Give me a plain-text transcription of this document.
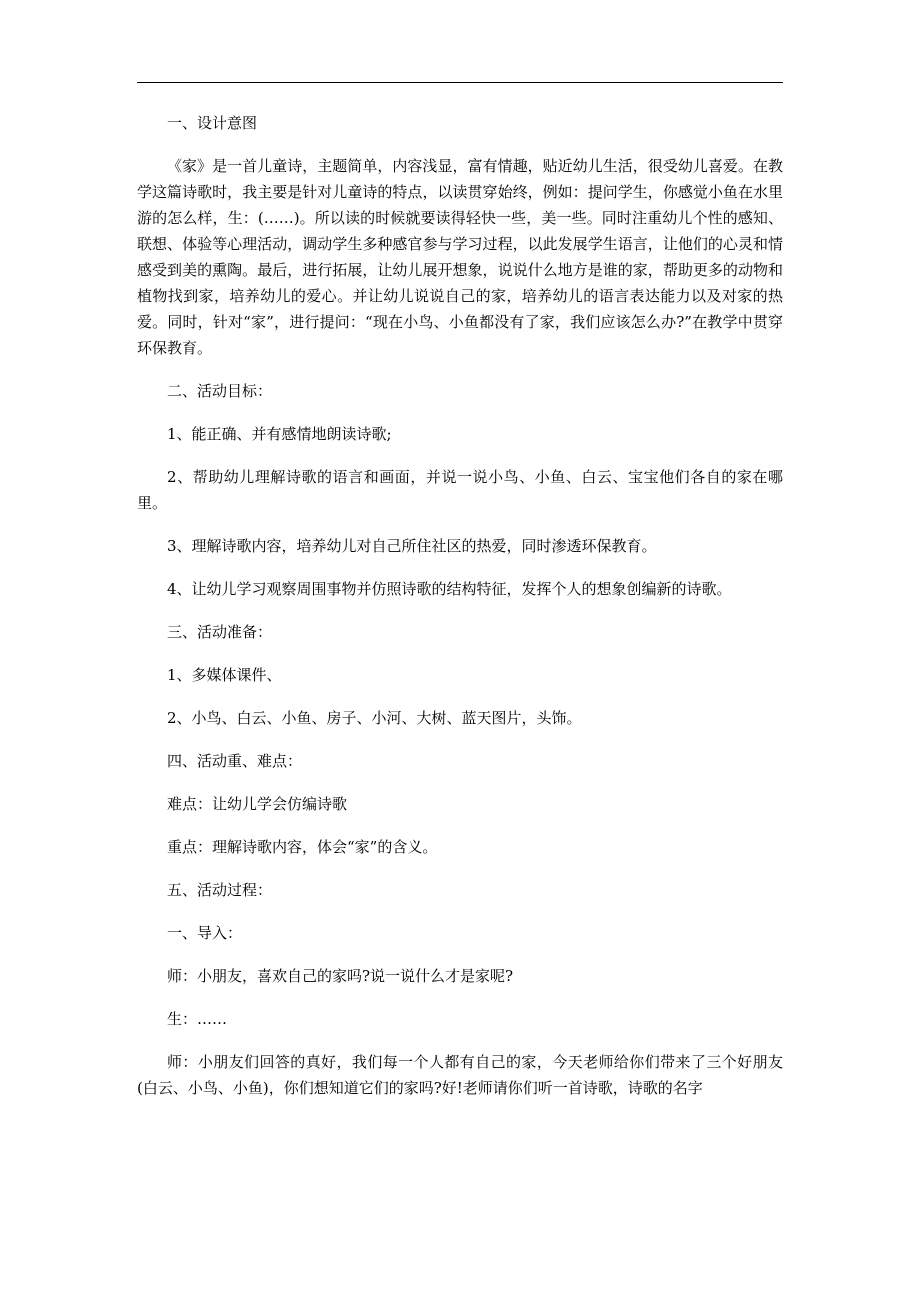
一、设计意图

《家》是一首儿童诗，主题简单，内容浅显，富有情趣，贴近幼儿生活，很受幼儿喜爱。在教学这篇诗歌时，我主要是针对儿童诗的特点，以读贯穿始终，例如：提问学生，你感觉小鱼在水里游的怎么样，生：(……)。所以读的时候就要读得轻快一些，美一些。同时注重幼儿个性的感知、联想、体验等心理活动，调动学生多种感官参与学习过程，以此发展学生语言，让他们的心灵和情感受到美的熏陶。最后，进行拓展，让幼儿展开想象，说说什么地方是谁的家，帮助更多的动物和植物找到家，培养幼儿的爱心。并让幼儿说说自己的家，培养幼儿的语言表达能力以及对家的热爱。同时，针对“家”，进行提问：“现在小鸟、小鱼都没有了家，我们应该怎么办?”在教学中贯穿环保教育。

二、活动目标：

1、能正确、并有感情地朗读诗歌;

2、帮助幼儿理解诗歌的语言和画面，并说一说小鸟、小鱼、白云、宝宝他们各自的家在哪里。

3、理解诗歌内容，培养幼儿对自己所住社区的热爱，同时渗透环保教育。

4、让幼儿学习观察周围事物并仿照诗歌的结构特征，发挥个人的想象创编新的诗歌。

三、活动准备：

1、多媒体课件、

2、小鸟、白云、小鱼、房子、小河、大树、蓝天图片，头饰。

四、活动重、难点：

难点：让幼儿学会仿编诗歌

重点：理解诗歌内容，体会“家”的含义。

五、活动过程：

一、导入：

师：小朋友，喜欢自己的家吗?说一说什么才是家呢?

生：……

师：小朋友们回答的真好，我们每一个人都有自己的家，今天老师给你们带来了三个好朋友(白云、小鸟、小鱼)，你们想知道它们的家吗?好!老师请你们听一首诗歌，诗歌的名字
